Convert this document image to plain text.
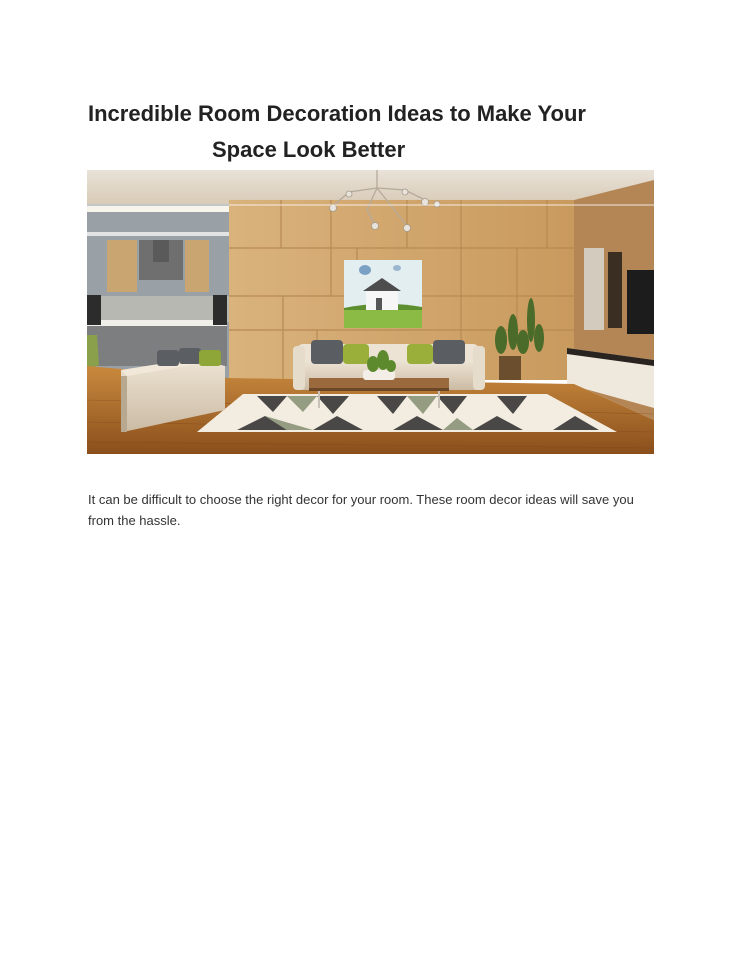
Incredible Room Decoration Ideas to Make Your
Space Look Better

It can be difficult to choose the right decor for your room. These room decor ideas will save you from the hassle.
